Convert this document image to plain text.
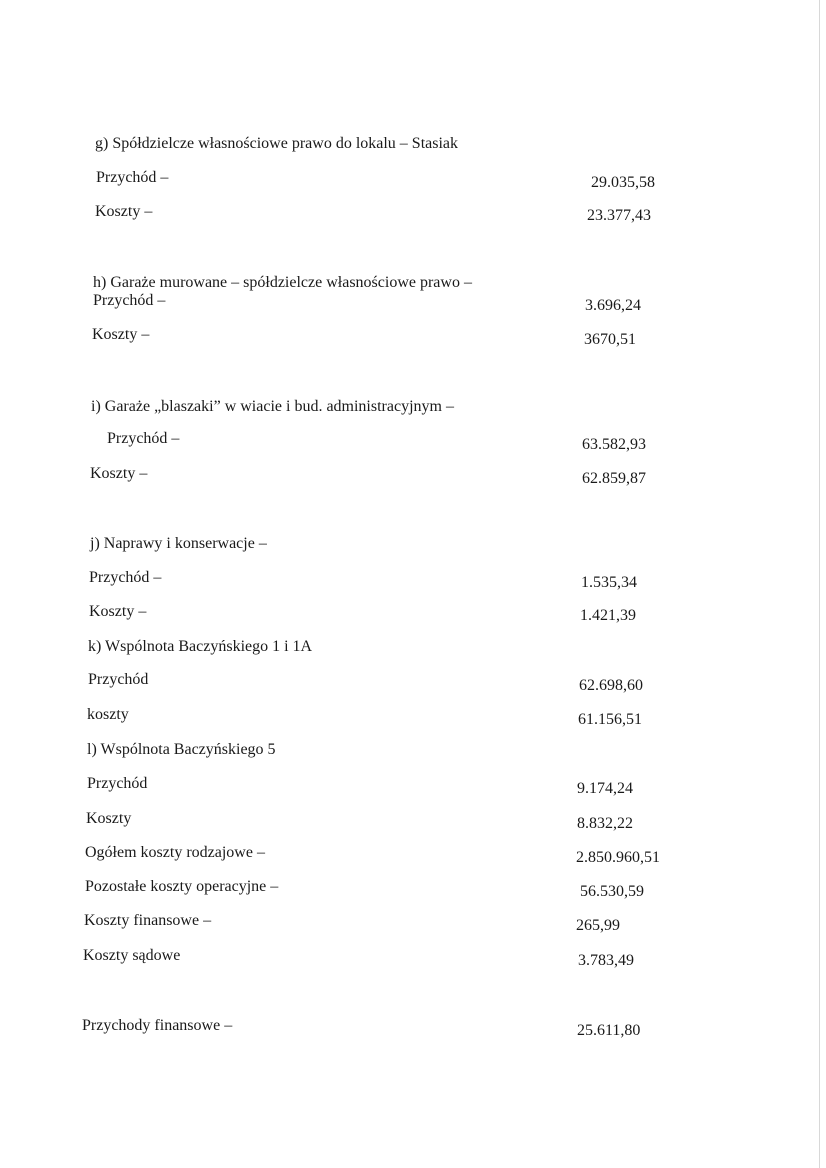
g) Spółdzielcze własnościowe prawo do lokalu – Stasiak
Przychód –	29.035,58
Koszty –	23.377,43
h) Garaże murowane – spółdzielcze własnościowe prawo –
Przychód –	3.696,24
Koszty –	3670,51
i) Garaże „blaszaki” w wiacie i bud. administracyjnym –
Przychód –	63.582,93
Koszty –	62.859,87
j) Naprawy i konserwacje –
Przychód –	1.535,34
Koszty –	1.421,39
k) Wspólnota Baczyńskiego 1 i 1A
Przychód	62.698,60
koszty	61.156,51
l) Wspólnota Baczyńskiego 5
Przychód	9.174,24
Koszty	8.832,22
Ogółem koszty rodzajowe –	2.850.960,51
Pozostałe koszty operacyjne –	56.530,59
Koszty finansowe –	265,99
Koszty sądowe	3.783,49
Przychody finansowe –	25.611,80
